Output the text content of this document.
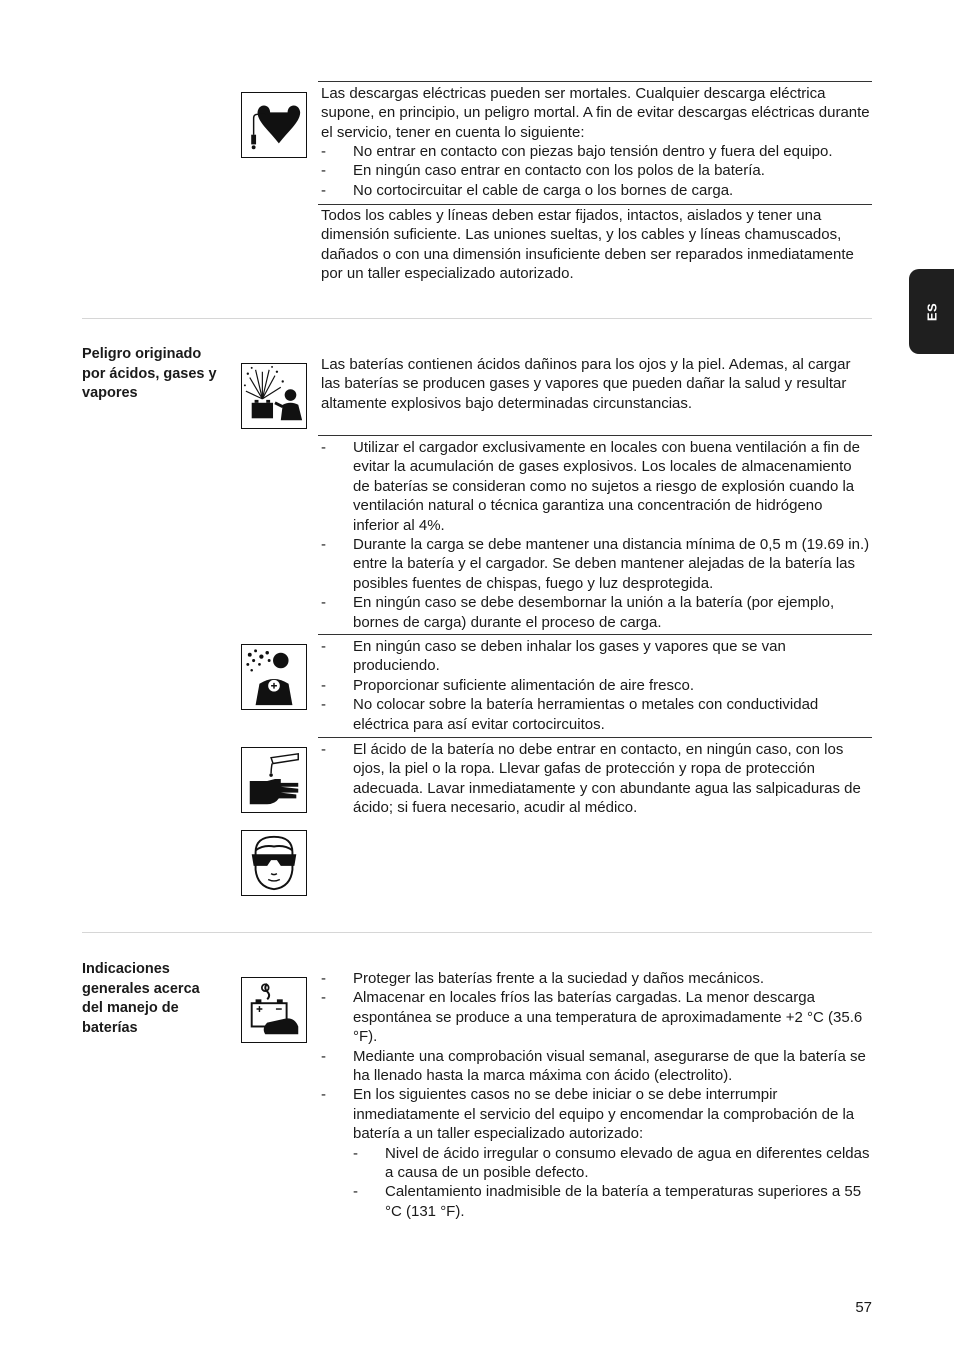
ES
Las descargas eléctricas pueden ser mortales. Cualquier descarga eléctrica supone, en principio, un peligro mortal. A fin de evitar descargas eléctricas durante el servicio, tener en cuenta lo siguiente:
- No entrar en contacto con piezas bajo tensión dentro y fuera del equipo.
- En ningún caso entrar en contacto con los polos de la batería.
- No cortocircuitar el cable de carga o los bornes de carga.
Todos los cables y líneas deben estar fijados, intactos, aislados y tener una dimensión suficiente. Las uniones sueltas, y los cables y líneas chamuscados, dañados o con una dimensión insuficiente deben ser reparados inmediatamente por un taller especializado autorizado.
Peligro originado por ácidos, gases y vapores
Las baterías contienen ácidos dañinos para los ojos y la piel. Ademas, al cargar las baterías se producen gases y vapores que pueden dañar la salud y resultar altamente explosivos bajo determinadas circunstancias.
- Utilizar el cargador exclusivamente en locales con buena ventilación a fin de evitar la acumulación de gases explosivos. Los locales de almacenamiento de baterías se consideran como no sujetos a riesgo de explosión cuando la ventilación natural o técnica garantiza una concentración de hidrógeno inferior al 4%.
- Durante la carga se debe mantener una distancia mínima de 0,5 m (19.69 in.) entre la batería y el cargador. Se deben mantener alejadas de la batería las posibles fuentes de chispas, fuego y luz desprotegida.
- En ningún caso se debe desembornar la unión a la batería (por ejemplo, bornes de carga) durante el proceso de carga.
- En ningún caso se deben inhalar los gases y vapores que se van produciendo.
- Proporcionar suficiente alimentación de aire fresco.
- No colocar sobre la batería herramientas o metales con conductividad eléctrica para así evitar cortocircuitos.
- El ácido de la batería no debe entrar en contacto, en ningún caso, con los ojos, la piel o la ropa. Llevar gafas de protección y ropa de protección adecuada. Lavar inmediatamente y con abundante agua las salpicaduras de ácido; si fuera necesario, acudir al médico.
Indicaciones generales acerca del manejo de baterías
- Proteger las baterías frente a la suciedad y daños mecánicos.
- Almacenar en locales fríos las baterías cargadas. La menor descarga espontánea se produce a una temperatura de aproximadamente +2 °C (35.6 °F).
- Mediante una comprobación visual semanal, asegurarse de que la batería se ha llenado hasta la marca máxima con ácido (electrolito).
- En los siguientes casos no se debe iniciar o se debe interrumpir inmediatamente el servicio del equipo y encomendar la comprobación de la batería a un taller especializado autorizado:
- Nivel de ácido irregular o consumo elevado de agua en diferentes celdas a causa de un posible defecto.
- Calentamiento inadmisible de la batería a temperaturas superiores a 55 °C (131 °F).
57
